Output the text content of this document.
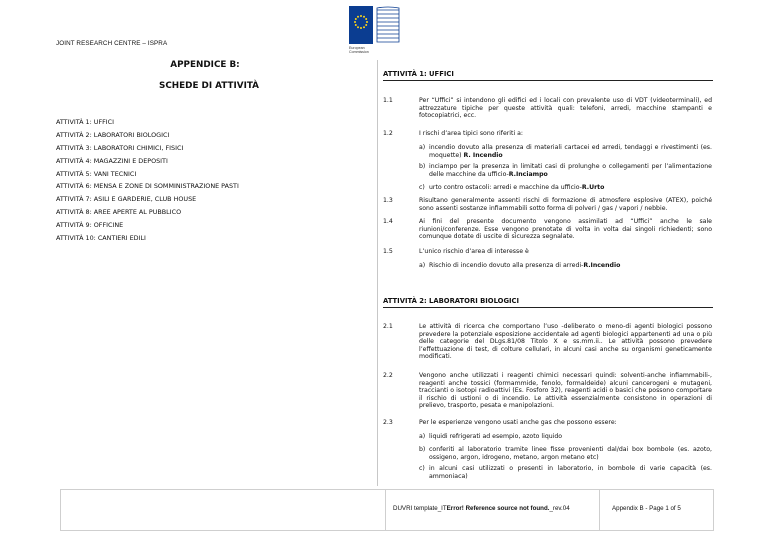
JOINT RESEARCH CENTRE – ISPRA
European
Commission
APPENDICE B:
SCHEDE DI ATTIVITÀ
ATTIVITÀ 1: UFFICI
ATTIVITÀ 2: LABORATORI BIOLOGICI
ATTIVITÀ 3: LABORATORI CHIMICI, FISICI
ATTIVITÀ 4: MAGAZZINI E DEPOSITI
ATTIVITÀ 5: VANI TECNICI
ATTIVITÀ 6: MENSA E ZONE DI SOMMINISTRAZIONE PASTI
ATTIVITÀ 7: ASILI E GARDERIE, CLUB HOUSE
ATTIVITÀ 8: AREE APERTE AL PUBBLICO
ATTIVITÀ 9: OFFICINE
ATTIVITÀ 10: CANTIERI EDILI
ATTIVITÀ 1: UFFICI
1.1	Per “Uffici” si intendono gli edifici ed i locali con prevalente uso di VDT (videoterminali), ed attrezzature tipiche per queste attività quali: telefoni, arredi, macchine stampanti e fotocopiatrici, ecc.
1.2	I rischi d’area tipici sono riferiti a:
a) incendio dovuto alla presenza di materiali cartacei ed arredi, tendaggi e rivestimenti (es. moquette) R. Incendio
b) inciampo per la presenza in limitati casi di prolunghe o collegamenti per l’alimentazione delle macchine da ufficio-R.Inciampo
c) urto contro ostacoli: arredi e macchine da ufficio-R.Urto
1.3	Risultano generalmente assenti rischi di formazione di atmosfere esplosive (ATEX), poiché sono assenti sostanze infiammabili sotto forma di polveri / gas / vapori / nebbie.
1.4	Ai fini del presente documento vengono assimilati ad “Uffici” anche le sale riunioni/conferenze. Esse vengono prenotate di volta in volta dai singoli richiedenti; sono comunque dotate di uscite di sicurezza segnalate.
1.5	L’unico rischio d’area di interesse è
a) Rischio di incendio dovuto alla presenza di arredi-R.Incendio
ATTIVITÀ 2: LABORATORI BIOLOGICI
2.1	Le attività di ricerca che comportano l’uso -deliberato o meno-di agenti biologici possono prevedere la potenziale esposizione accidentale ad agenti biologici appartenenti ad una o più delle categorie del DLgs.81/08 Titolo X e ss.mm.ii.. Le attività possono prevedere l’effettuazione di test, di colture cellulari, in alcuni casi anche su organismi geneticamente modificati.
2.2	Vengono anche utilizzati i reagenti chimici necessari quindi: solventi-anche infiammabili-, reagenti anche tossici (formammide, fenolo, formaldeide) alcuni cancerogeni e mutageni, traccianti o isotopi radioattivi (Es. Fosforo 32), reagenti acidi o basici che possono comportare il rischio di ustioni o di incendio. Le attività essenzialmente consistono in operazioni di prelievo, trasporto, pesata e manipolazioni.
2.3	Per le esperienze vengono usati anche gas che possono essere:
a) liquidi refrigerati ad esempio, azoto liquido
b) conferiti al laboratorio tramite linee fisse provenienti dal/dai box bombole (es. azoto, ossigeno, argon, idrogeno, metano, argon metano etc)
c) in alcuni casi utilizzati o presenti in laboratorio, in bombole di varie capacità (es. ammoniaca)
DUVRI template_ITError! Reference source not found._rev.04	Appendix B - Page 1 of 5
